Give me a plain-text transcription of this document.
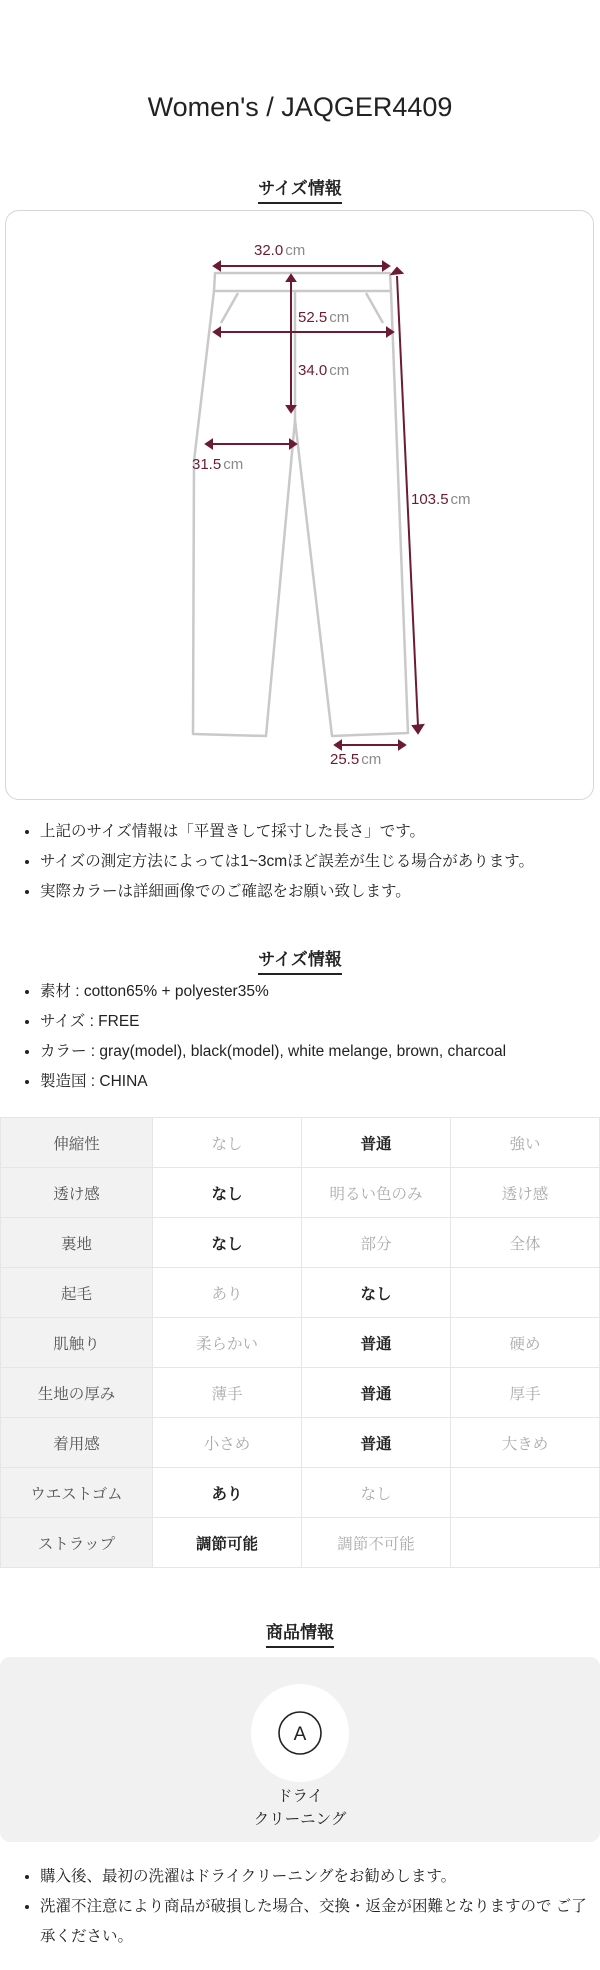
Women's / JAQGER4409
サイズ情報
32.0 cm
52.5 cm
34.0 cm
31.5 cm
103.5 cm
25.5 cm
• 上記のサイズ情報は「平置きして採寸した長さ」です。
• サイズの測定方法によっては1~3cmほど誤差が生じる場合があります。
• 実際カラーは詳細画像でのご確認をお願い致します。
サイズ情報
• 素材 : cotton65% + polyester35%
• サイズ : FREE
• カラー : gray(model), black(model), white melange, brown, charcoal
• 製造国 : CHINA
伸縮性	なし	普通	強い
透け感	なし	明るい色のみ	透け感
裏地	なし	部分	全体
起毛	あり	なし	
肌触り	柔らかい	普通	硬め
生地の厚み	薄手	普通	厚手
着用感	小さめ	普通	大きめ
ウエストゴム	あり	なし	
ストラップ	調節可能	調節不可能	
商品情報
A
ドライ
クリーニング
• 購入後、最初の洗濯はドライクリーニングをお勧めします。
• 洗濯不注意により商品が破損した場合、交換・返金が困難となりますので ご了承ください。
